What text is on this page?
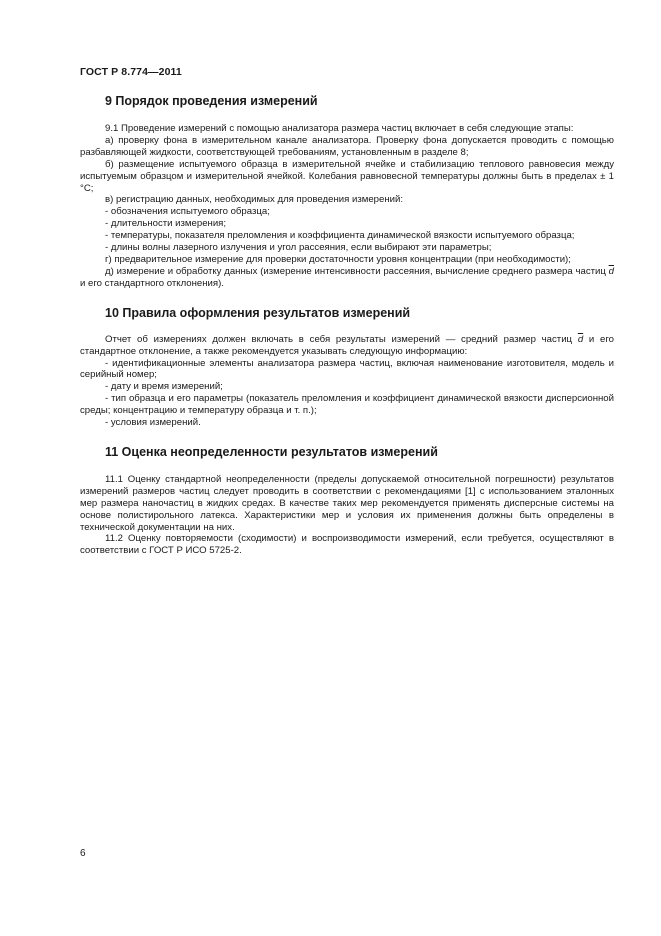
ГОСТ Р 8.774—2011
9 Порядок проведения измерений

9.1 Проведение измерений с помощью анализатора размера частиц включает в себя следующие этапы:

а) проверку фона в измерительном канале анализатора. Проверку фона допускается проводить с помощью разбавляющей жидкости, соответствующей требованиям, установленным в разделе 8;

б) размещение испытуемого образца в измерительной ячейке и стабилизацию теплового равновесия между испытуемым образцом и измерительной ячейкой. Колебания равновесной температуры должны быть в пределах ± 1 °С;

в) регистрацию данных, необходимых для проведения измерений:

- обозначения испытуемого образца;

- длительности измерения;

- температуры, показателя преломления и коэффициента динамической вязкости испытуемого образца;

- длины волны лазерного излучения и угол рассеяния, если выбирают эти параметры;

г) предварительное измерение для проверки достаточности уровня концентрации (при необходимости);

д) измерение и обработку данных (измерение интенсивности рассеяния, вычисление среднего размера частиц $\overline{d}$ и его стандартного отклонения).

10 Правила оформления результатов измерений

Отчет об измерениях должен включать в себя результаты измерений — средний размер частиц $\overline{d}$ и его стандартное отклонение, а также рекомендуется указывать следующую информацию:

- идентификационные элементы анализатора размера частиц, включая наименование изготовителя, модель и серийный номер;

- дату и время измерений;

- тип образца и его параметры (показатель преломления и коэффициент динамической вязкости дисперсионной среды; концентрацию и температуру образца и т. п.);

- условия измерений.

11 Оценка неопределенности результатов измерений

11.1 Оценку стандартной неопределенности (пределы допускаемой относительной погрешности) результатов измерений размеров частиц следует проводить в соответствии с рекомендациями [1] с использованием эталонных мер размера наночастиц в жидких средах. В качестве таких мер рекомендуется применять дисперсные системы на основе полистирольного латекса. Характеристики мер и условия их применения должны быть определены в технической документации на них.

11.2 Оценку повторяемости (сходимости) и воспроизводимости измерений, если требуется, осуществляют в соответствии с ГОСТ Р ИСО 5725-2.

6
